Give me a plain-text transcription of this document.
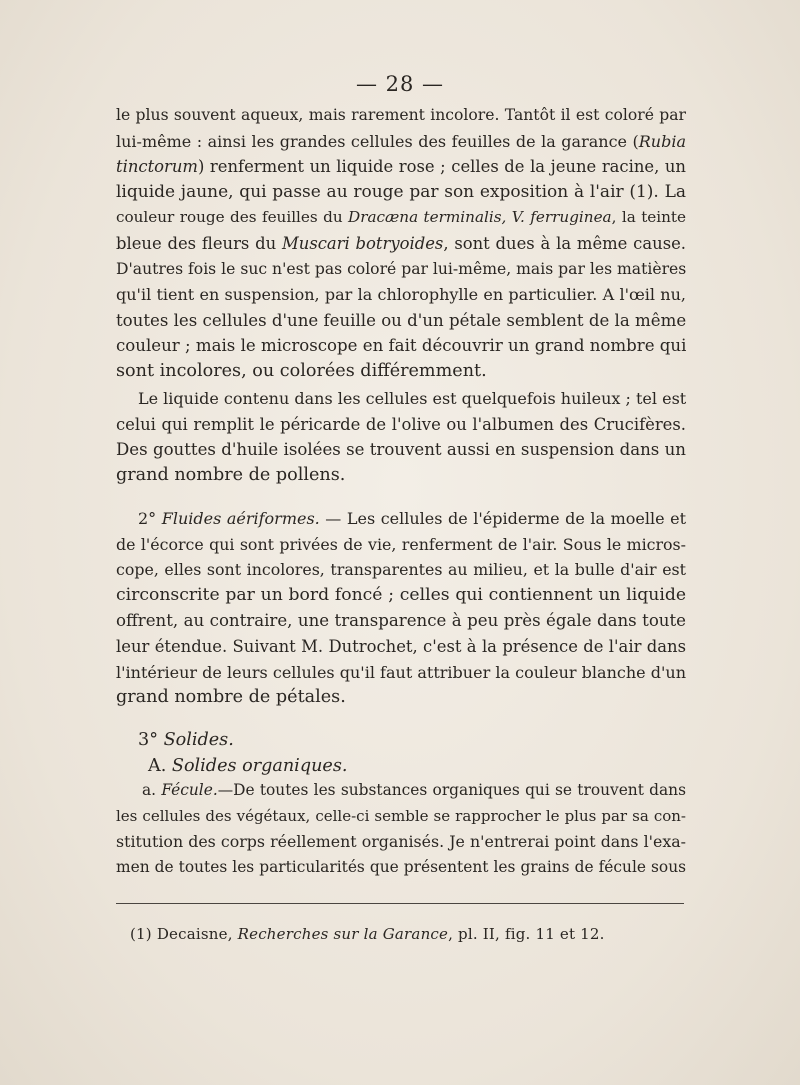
— 28 —
le plus souvent aqueux, mais rarement incolore. Tantôt il est coloré par
lui-même : ainsi les grandes cellules des feuilles de la garance (Rubia
tinctorum) renferment un liquide rose ; celles de la jeune racine, un
liquide jaune, qui passe au rouge par son exposition à l'air (1). La
couleur rouge des feuilles du Dracæna terminalis, V. ferruginea, la teinte
bleue des fleurs du Muscari botryoides, sont dues à la même cause.
D'autres fois le suc n'est pas coloré par lui-même, mais par les matières
qu'il tient en suspension, par la chlorophylle en particulier. A l'œil nu,
toutes les cellules d'une feuille ou d'un pétale semblent de la même
couleur ; mais le microscope en fait découvrir un grand nombre qui
sont incolores, ou colorées différemment.
Le liquide contenu dans les cellules est quelquefois huileux ; tel est
celui qui remplit le péricarde de l'olive ou l'albumen des Crucifères.
Des gouttes d'huile isolées se trouvent aussi en suspension dans un
grand nombre de pollens.
2° Fluides aériformes. — Les cellules de l'épiderme de la moelle et
de l'écorce qui sont privées de vie, renferment de l'air. Sous le micros-
cope, elles sont incolores, transparentes au milieu, et la bulle d'air est
circonscrite par un bord foncé ; celles qui contiennent un liquide
offrent, au contraire, une transparence à peu près égale dans toute
leur étendue. Suivant M. Dutrochet, c'est à la présence de l'air dans
l'intérieur de leurs cellules qu'il faut attribuer la couleur blanche d'un
grand nombre de pétales.
3° Solides.
A. Solides organiques.
a. Fécule.—De toutes les substances organiques qui se trouvent dans
les cellules des végétaux, celle-ci semble se rapprocher le plus par sa con-
stitution des corps réellement organisés. Je n'entrerai point dans l'exa-
men de toutes les particularités que présentent les grains de fécule sous
(1) Decaisne, Recherches sur la Garance, pl. II, fig. 11 et 12.
